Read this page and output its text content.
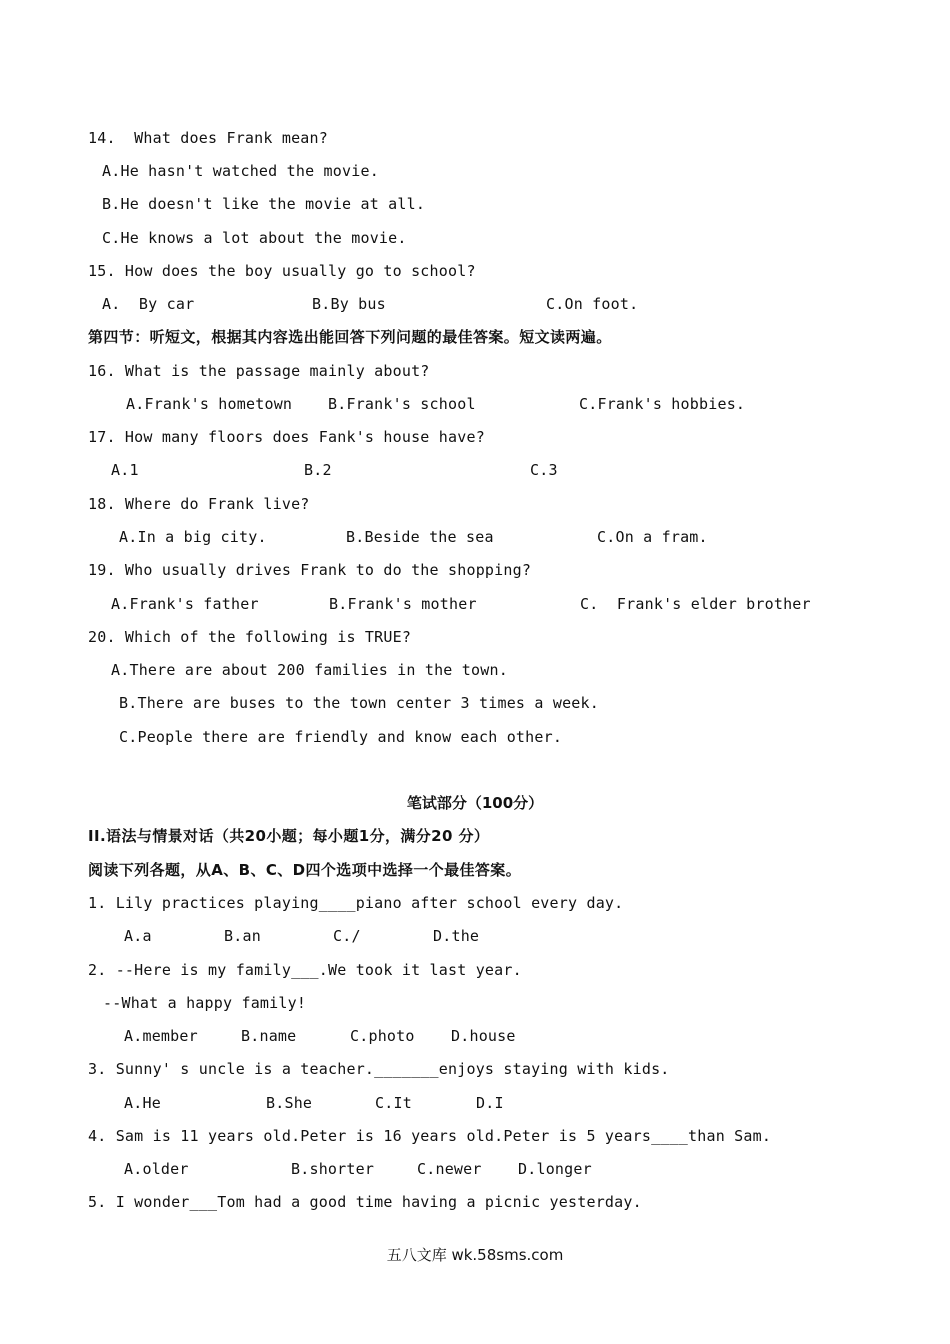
14.  What does Frank mean?
A.He hasn't watched the movie.
B.He doesn't like the movie at all.
C.He knows a lot about the movie.
15. How does the boy usually go to school?
A.  By car	B.By bus	C.On foot.
第四节：听短文，根据其内容选出能回答下列问题的最佳答案。短文读两遍。
16. What is the passage mainly about?
A.Frank's hometown B.Frank's school	C.Frank's hobbies.
17. How many floors does Fank's house have?
A.1	B.2	C.3
18. Where do Frank live?
A.In a big city.	B.Beside the sea	C.On a fram.
19. Who usually drives Frank to do the shopping?
A.Frank's father	B.Frank's mother	C.  Frank's elder brother
20. Which of the following is TRUE?
A.There are about 200 families in the town.
B.There are buses to the town center 3 times a week.
C.People there are friendly and know each other.
笔试部分（100分）
II.语法与情景对话（共20小题；每小题1分，满分20 分）
阅读下列各题，从A、B、C、D四个选项中选择一个最佳答案。
1. Lily practices playing____piano after school every day.
A.a	B.an	C./	D.the
2. --Here is my family___.We took it last year.
--What a happy family!
A.member	B.name	C.photo D.house
3. Sunny' s uncle is a teacher._______enjoys staying with kids.
A.He	B.She	C.It	D.I
4. Sam is 11 years old.Peter is 16 years old.Peter is 5 years____than Sam.
A.older	B.shorter	C.newer D.longer
5. I wonder___Tom had a good time having a picnic yesterday.
五八文库 wk.58sms.com
